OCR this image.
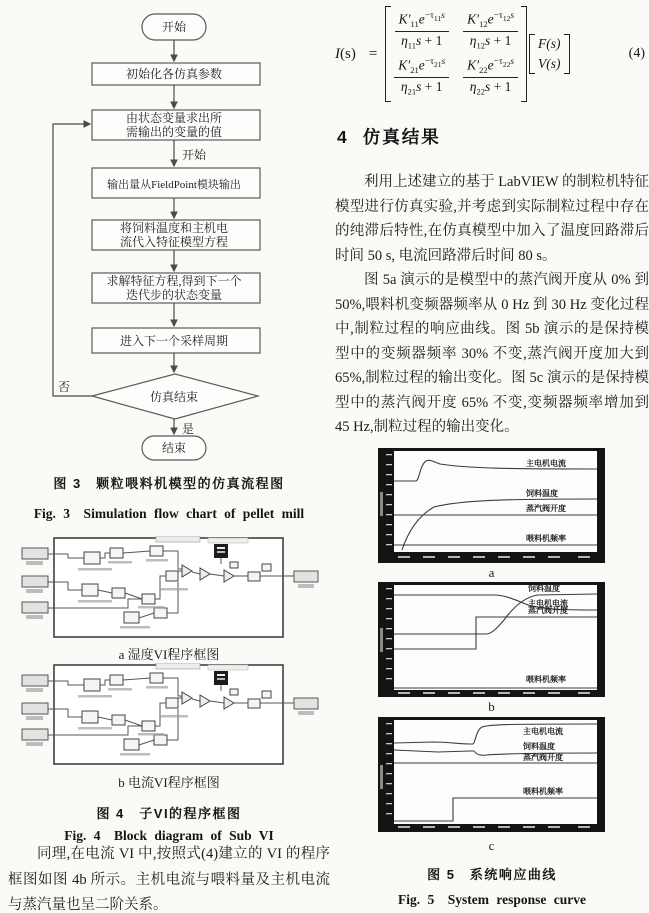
开始
初始化各仿真参数
由状态变量求出所
需输出的变量的值
开始
输出量从FieldPoint模块输出
将饲料温度和主机电
流代入特征模型方程
求解特征方程,得到下一个
迭代步的状态变量
进入下一个采样周期
仿真结束
否
是
结束
图 3　颗粒喂料机模型的仿真流程图
Fig. 3　Simulation flow chart of pellet mill
a 湿度VI程序框图
b 电流VI程序框图
图 4　子VI的程序框图
Fig. 4　Block diagram of Sub VI

同理,在电流 VI 中,按照式(4)建立的 VI 的程序框图如图 4b 所示。主机电流与喂料量及主机电流与蒸汽量也呈二阶关系。

I(s) =
$\frac{K'_{11}e^{-\tau_{11}s}}{\eta_{11}s + 1} \frac{K'_{12}e^{-\tau_{12}s}}{\eta_{12}s + 1}$
$\frac{K'_{21}e^{-\tau_{21}s}}{\eta_{21}s + 1} \frac{K'_{22}e^{-\tau_{22}s}}{\eta_{22}s + 1}$
F(s)
V(s)
(4)
4 仿真结果

利用上述建立的基于 LabVIEW 的制粒机特征模型进行仿真实验,并考虑到实际制粒过程中存在的纯滞后特性,在仿真模型中加入了温度回路滞后时间 50 s, 电流回路滞后时间 80 s。

图 5a 演示的是模型中的蒸汽阀开度从 0% 到 50%,喂料机变频器频率从 0 Hz 到 30 Hz 变化过程中,制粒过程的响应曲线。图 5b 演示的是保持模型中的变频器频率 30% 不变,蒸汽阀开度加大到 65%,制粒过程的输出变化。图 5c 演示的是保持模型中的蒸汽阀开度 65% 不变,变频器频率增加到 45 Hz,制粒过程的输出变化。

主电机电流
饲料温度
蒸汽阀开度
喂料机频率
a
饲料温度
主电机电流
蒸汽阀开度
喂料机频率
b
主电机电流
饲料温度
蒸汽阀开度
喂料机频率
c
图 5　系统响应曲线
Fig. 5　System response curve
